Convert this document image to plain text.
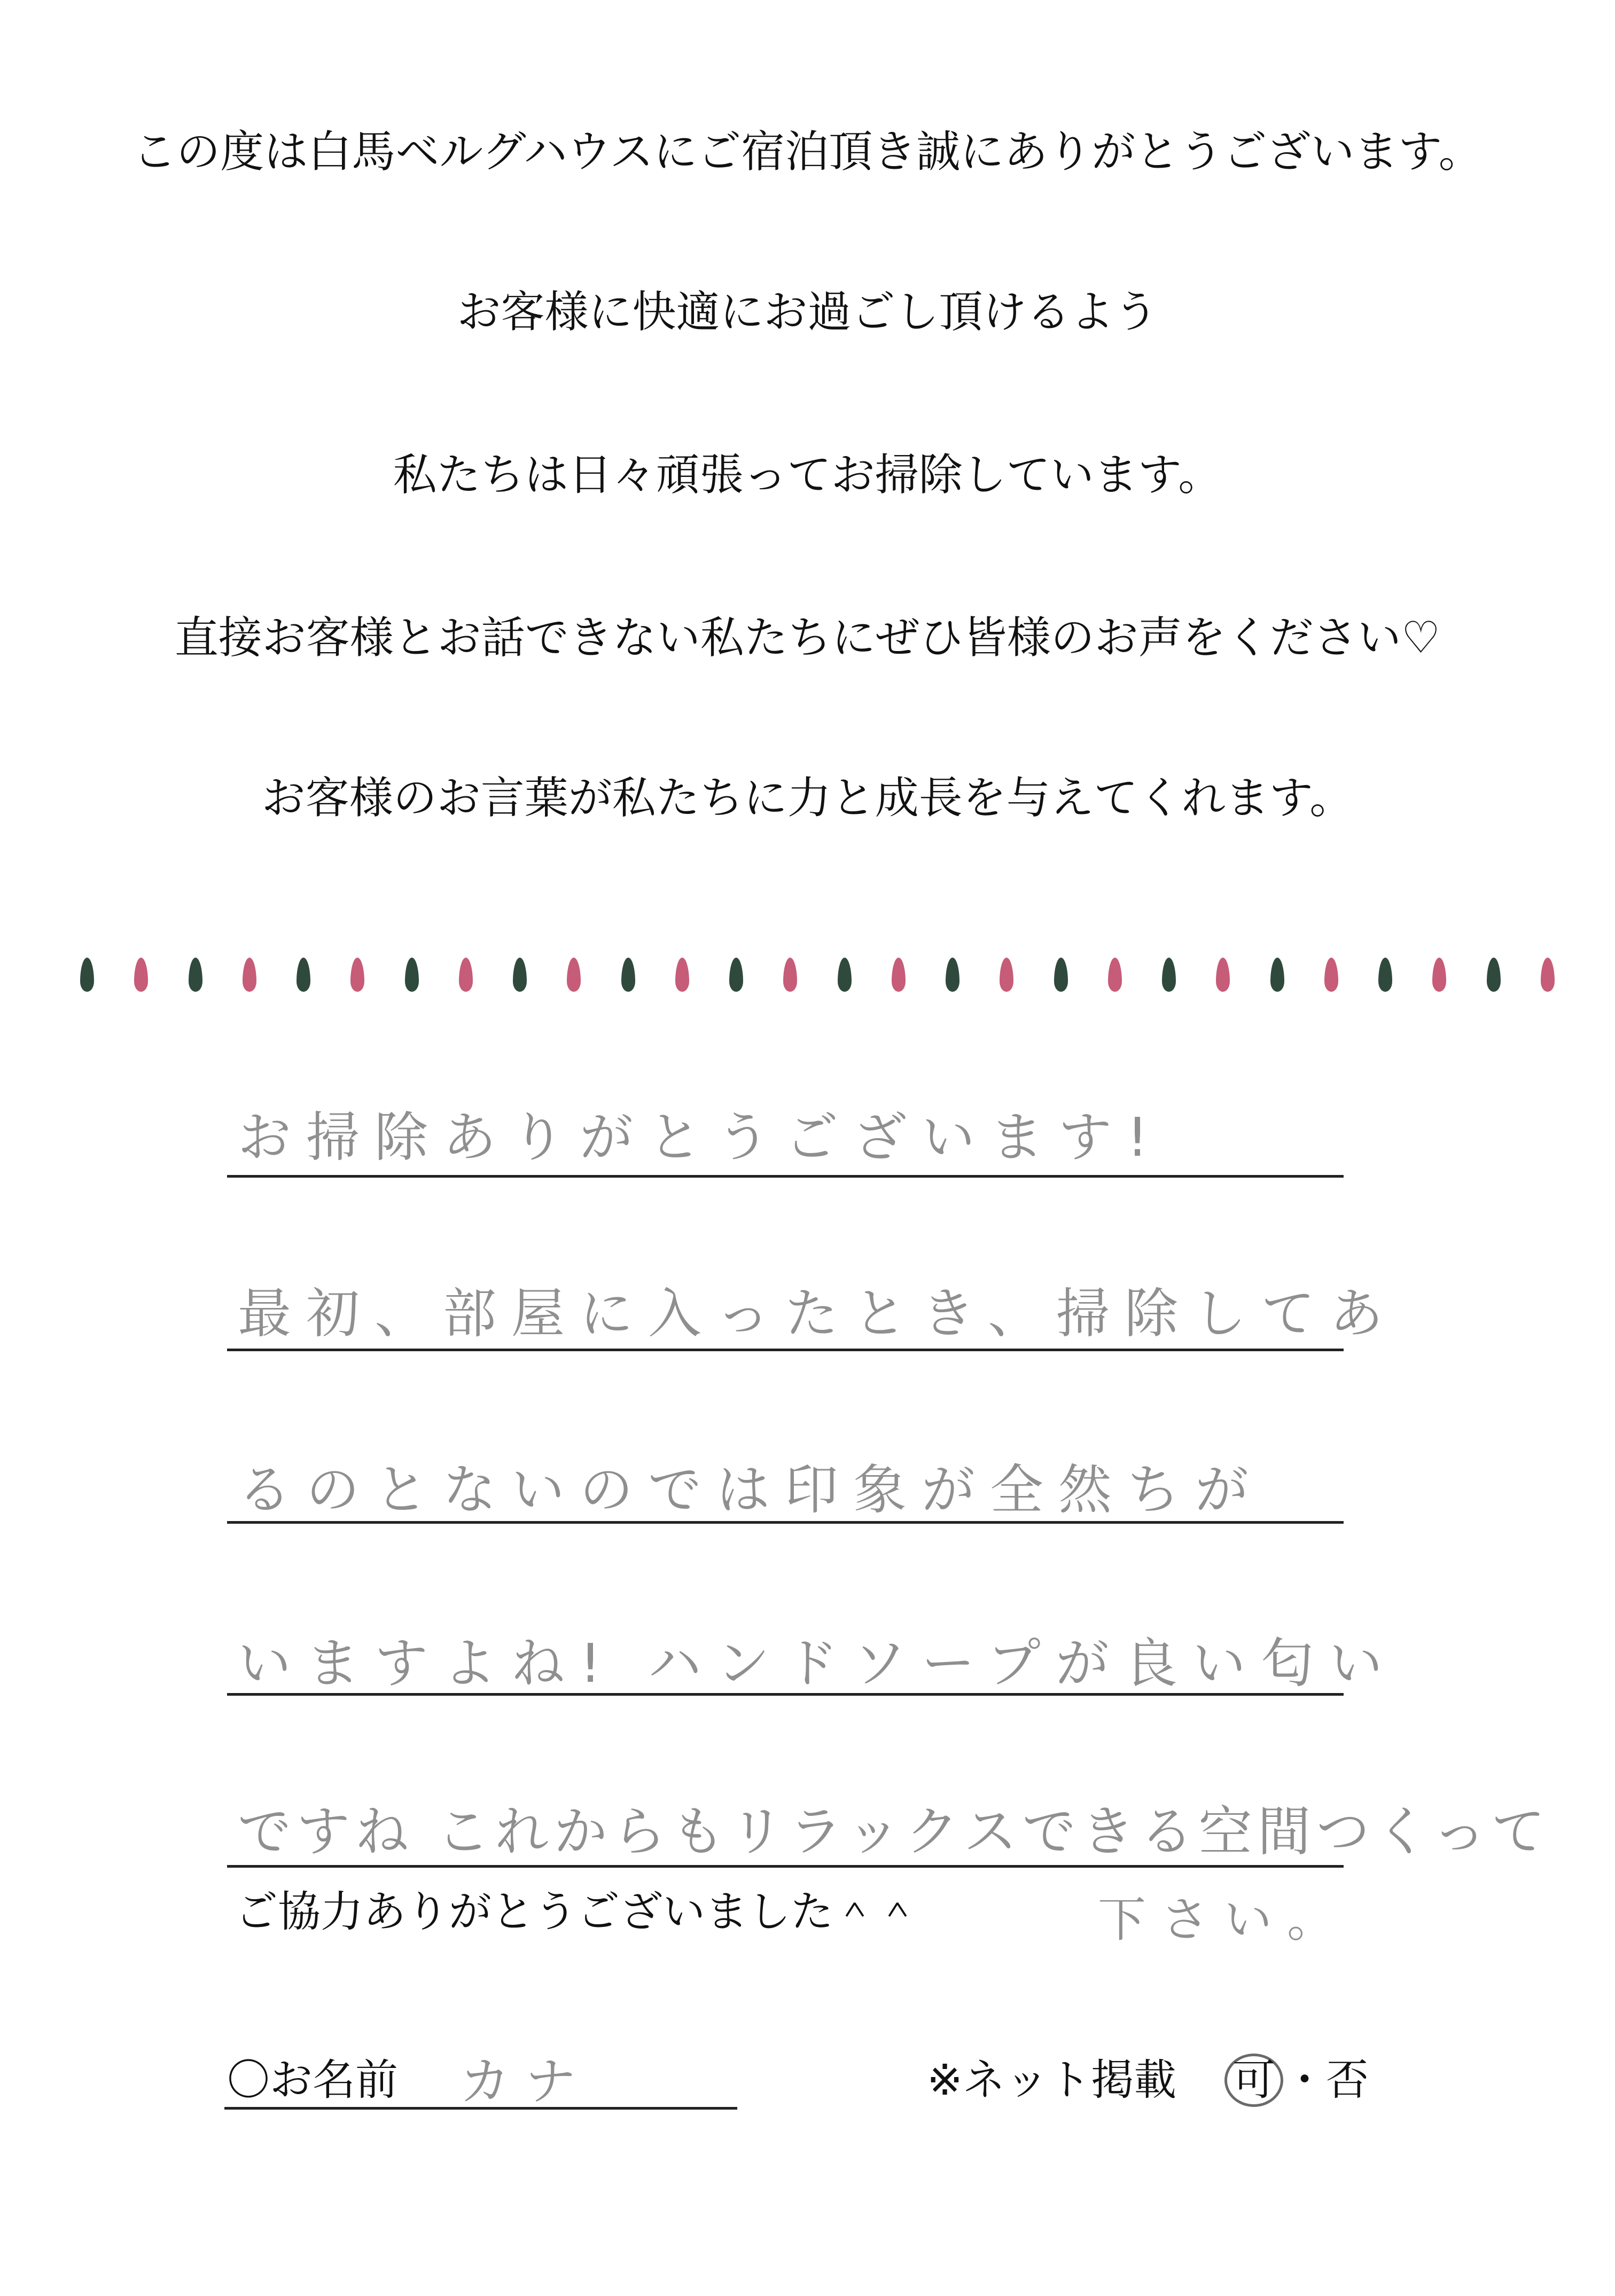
この度は白馬ベルグハウスにご宿泊頂き誠にありがとうございます。
お客様に快適にお過ごし頂けるよう
私たちは日々頑張ってお掃除しています。
直接お客様とお話できない私たちにぜひ皆様のお声をください♡
お客様のお言葉が私たちに力と成長を与えてくれます。
お掃除ありがとうございます!
最初、部屋に入ったとき、掃除してあ
るのとないのでは印象が全然ちが
いますよね! ハンドソープが良い匂い
ですね これからもリラックスできる空間つくって
ご協力ありがとうございました＾＾	下さい。
〇お名前 カナ	※ネット掲載 可 ・否
